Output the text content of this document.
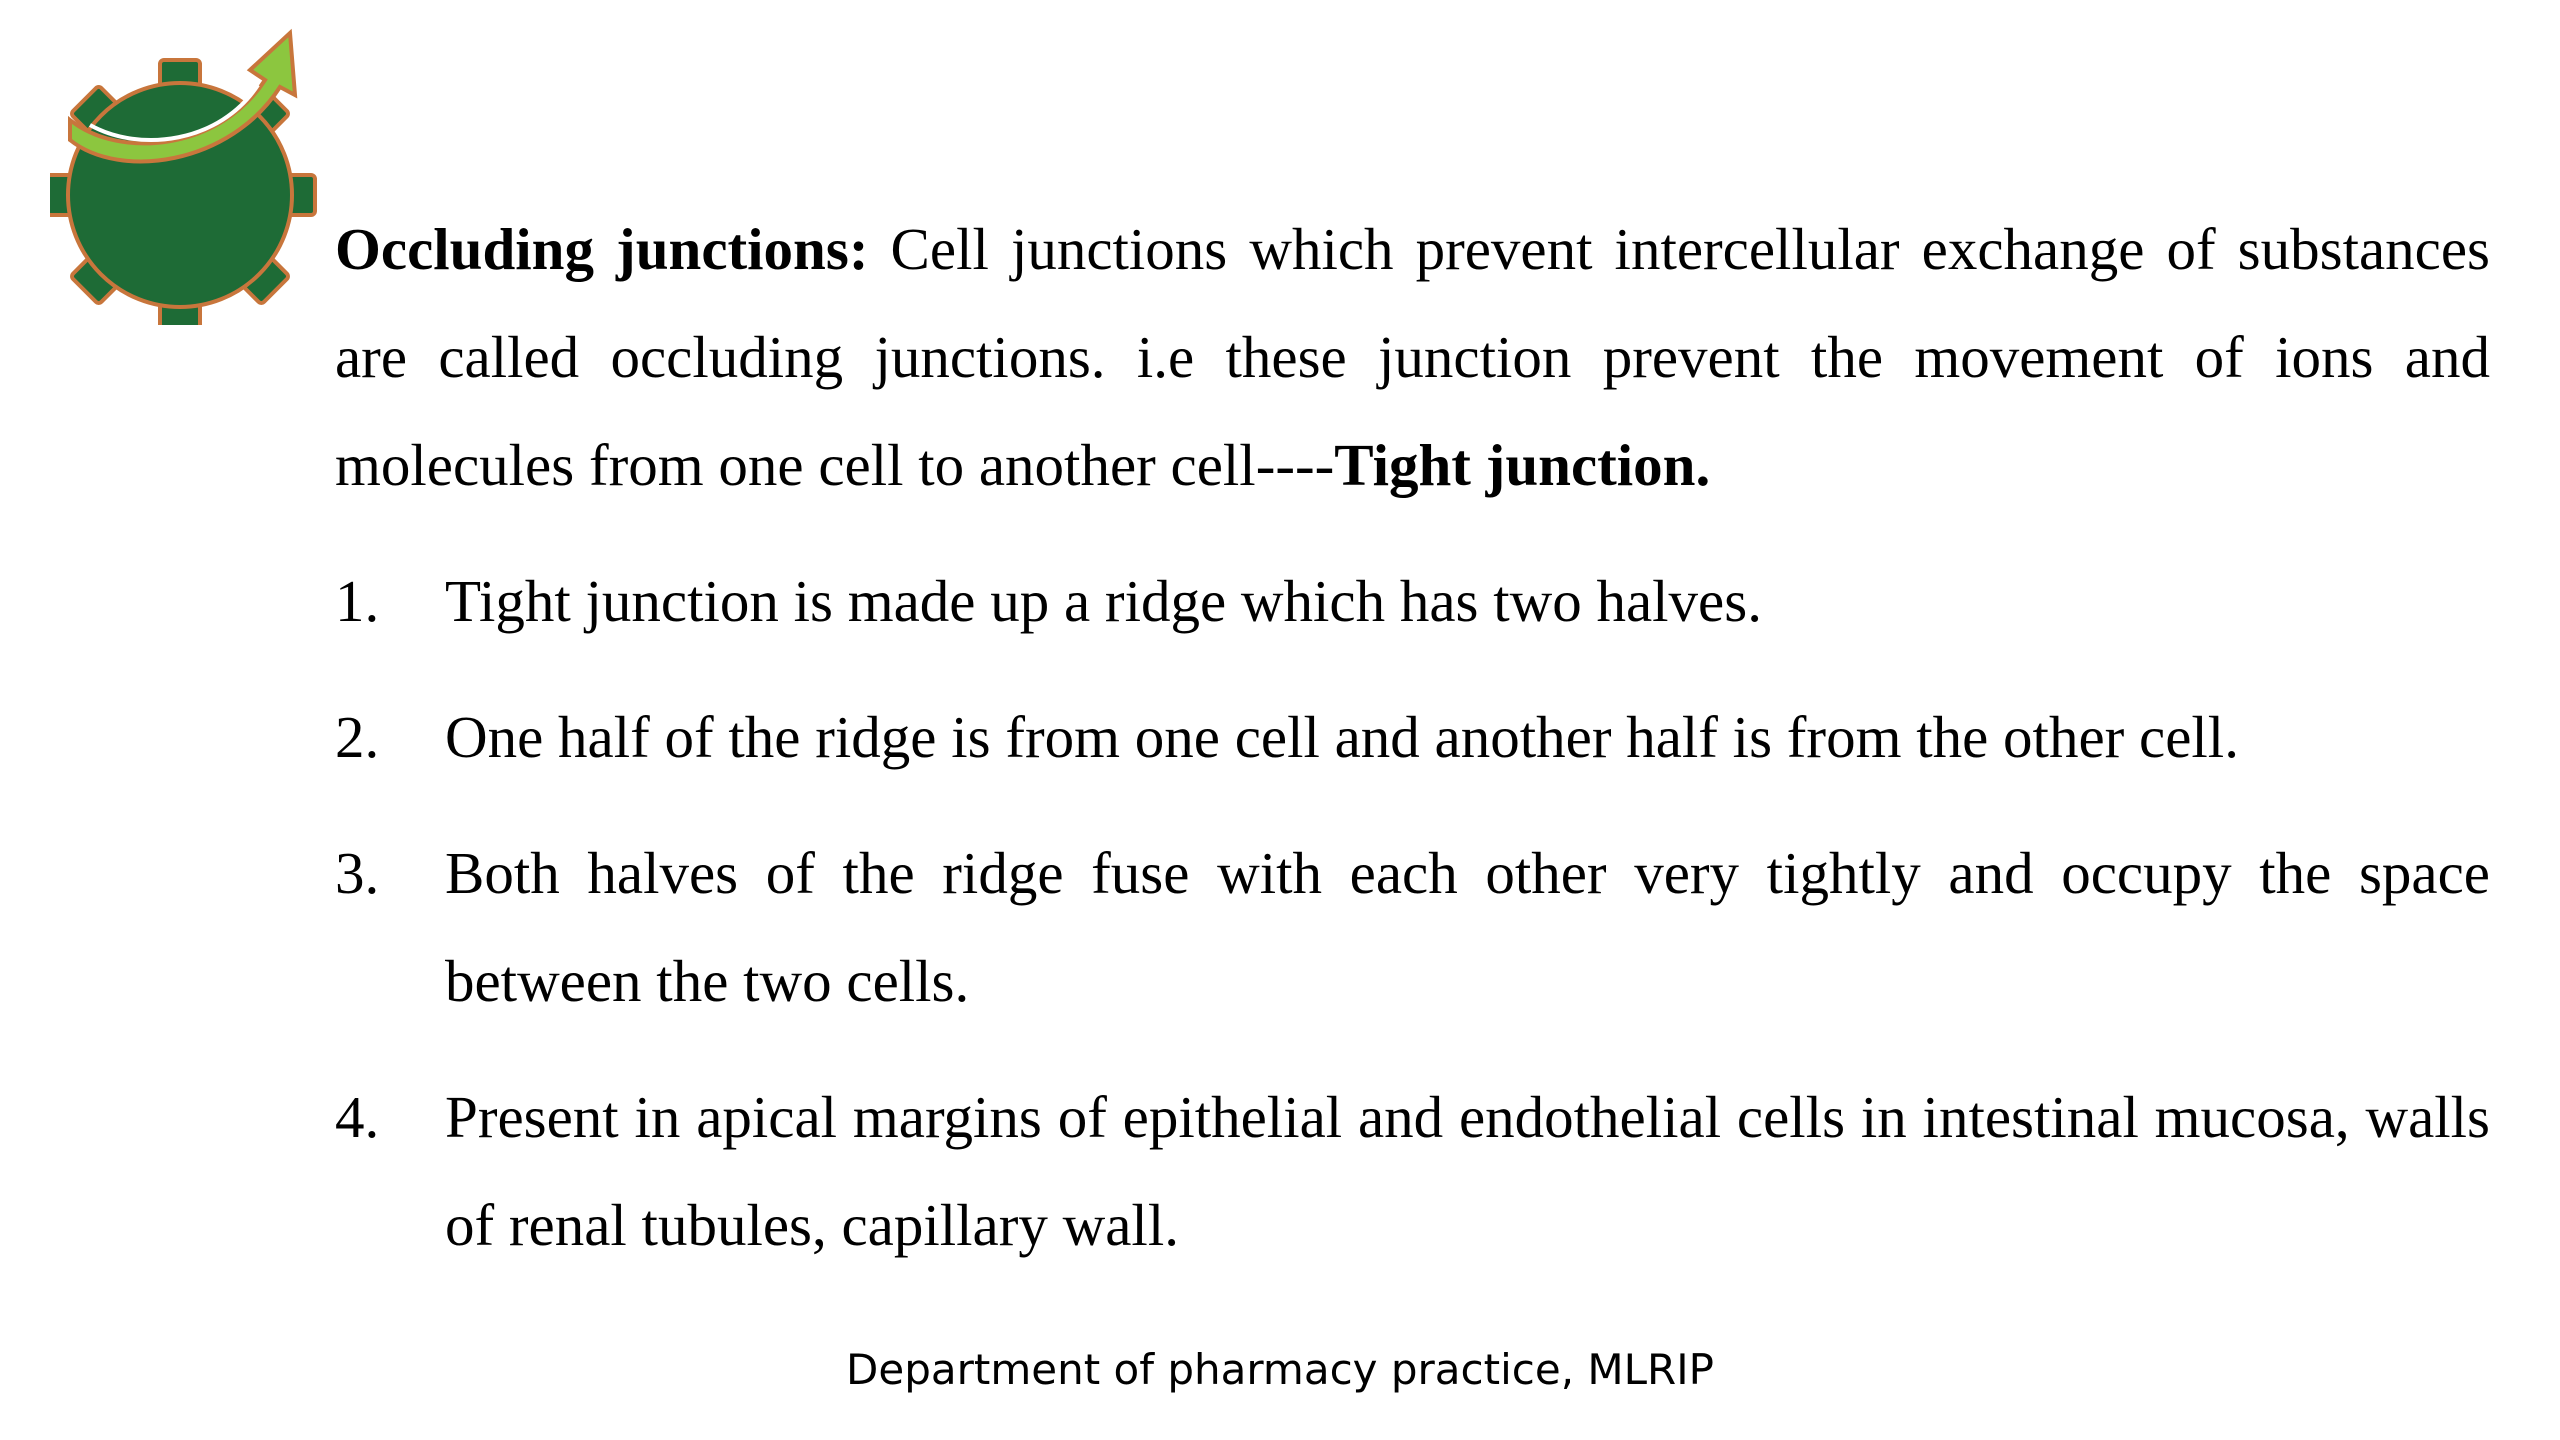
Occluding junctions: Cell junctions which prevent intercellular exchange of substances are called occluding junctions. i.e these junction prevent the movement of ions and molecules from one cell to another cell----Tight junction.

1. Tight junction is made up a ridge which has two halves.
2. One half of the ridge is from one cell and another half is from the other cell.
3. Both halves of the ridge fuse with each other very tightly and occupy the space between the two cells.
4. Present in apical margins of epithelial and endothelial cells in intestinal mucosa, walls of renal tubules, capillary wall.
Department of pharmacy practice, MLRIP
